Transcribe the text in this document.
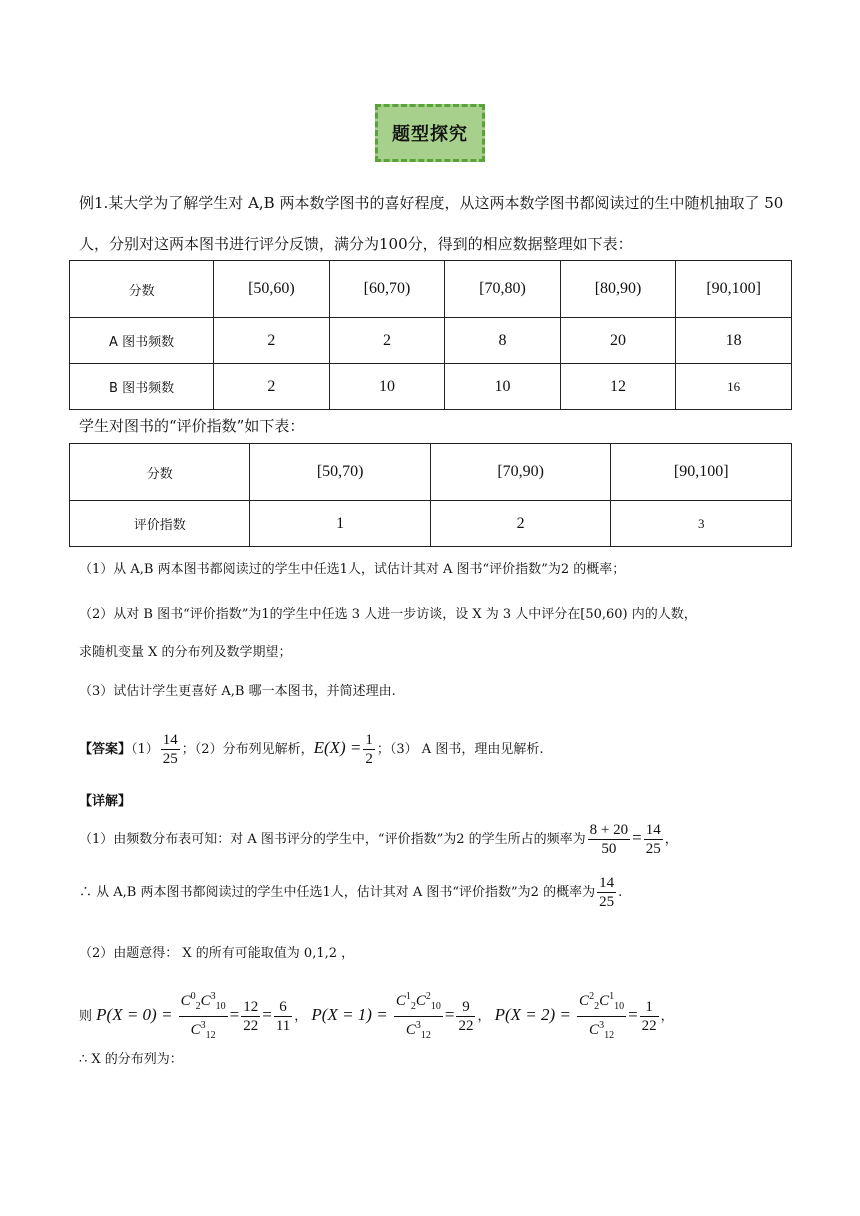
题型探究
例1.某大学为了解学生对 A,B 两本数学图书的喜好程度，从这两本数学图书都阅读过的生中随机抽取了 50
人，分别对这两本图书进行评分反馈，满分为100分，得到的相应数据整理如下表：
分数	[50,60)	[60,70)	[70,80)	[80,90)	[90,100]
A 图书频数	2	2	8	20	18
B 图书频数	2	10	10	12	16
学生对图书的“评价指数”如下表：
分数	[50,70)	[70,90)	[90,100]
评价指数	1	2	3
（1）从 A,B 两本图书都阅读过的学生中任选1人，试估计其对 A 图书“评价指数”为2 的概率；
（2）从对 B 图书“评价指数”为1的学生中任选 3 人进一步访谈，设 X 为 3 人中评分在[50,60) 内的人数，
求随机变量 X 的分布列及数学期望；
（3）试估计学生更喜好 A,B 哪一本图书，并简述理由.
【答案】$(1) \frac{14}{25}$ ；（2）分布列见解析，$E(X) = \frac{1}{2}$ ；（3） A 图书，理由见解析.
【详解】
（1）由频数分布表可知：对 A 图书评分的学生中，“评价指数”为2 的学生所占的频率为 $\frac{8 + 20}{50} = \frac{14}{25}$ ，
∴ 从 A,B 两本图书都阅读过的学生中任选1人，估计其对 A 图书“评价指数”为2 的概率为 $\frac{14}{25}$ .
（2）由题意得： X 的所有可能取值为 0,1,2 ，
则 $P(X = 0) = \frac{C^0_2C^3_{10}}{C^3_{12}} = \frac{12}{22} = \frac{6}{11}$ ， $P(X = 1) = \frac{C^1_2C^2_{10}}{C^3_{12}} = \frac{9}{22}$ ， $P(X = 2) = \frac{C^2_2C^1_{10}}{C^3_{12}} = \frac{1}{22}$ ，
∴ X 的分布列为：
